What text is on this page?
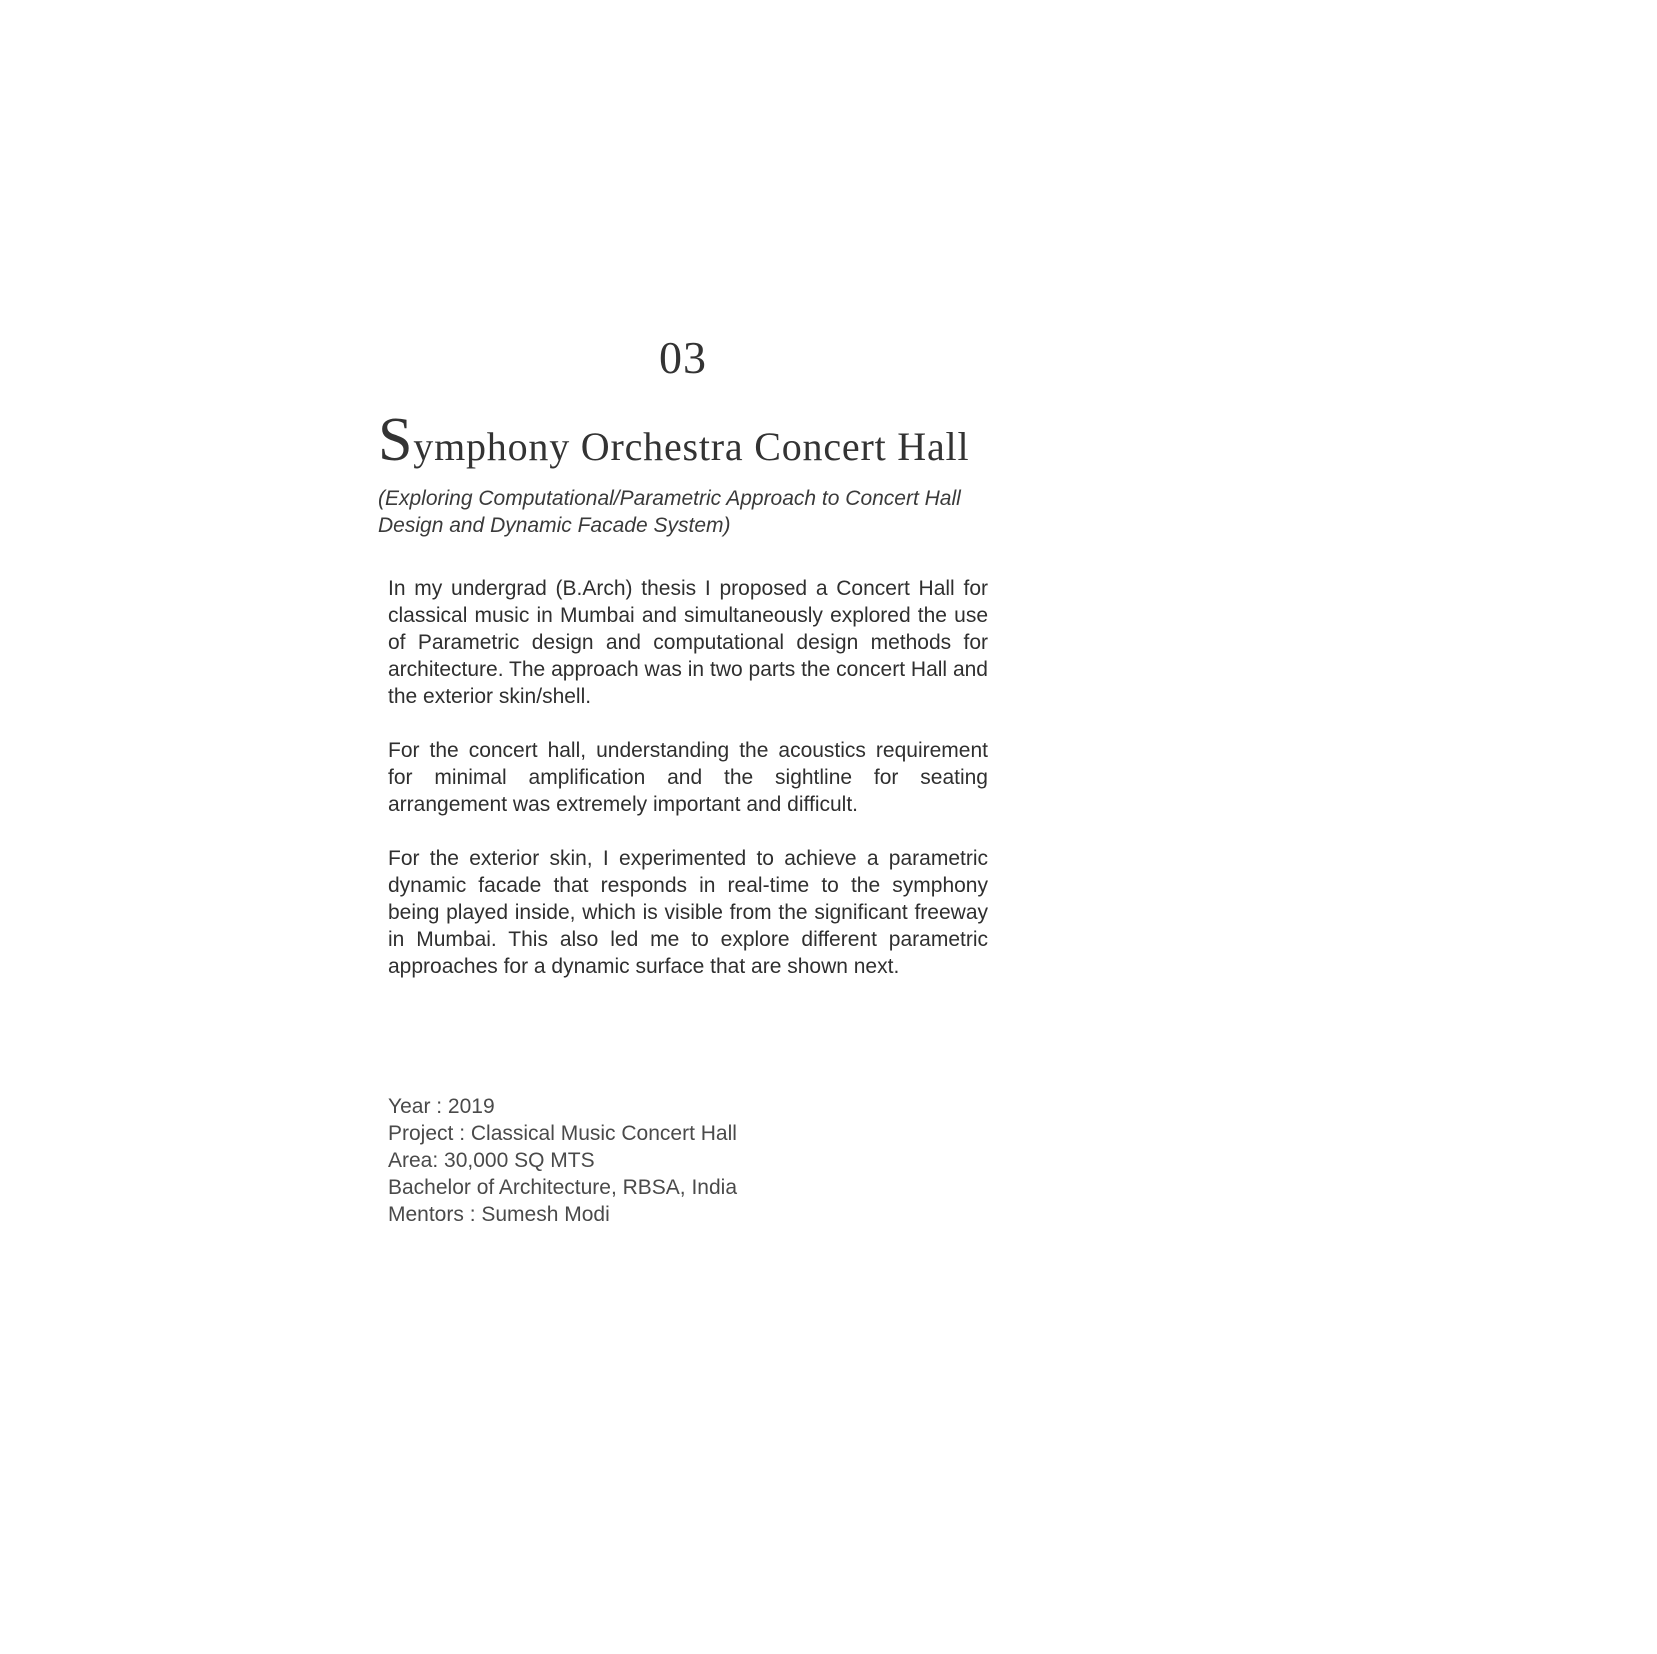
03
Symphony Orchestra Concert Hall
(Exploring Computational/Parametric Approach to Concert Hall Design and Dynamic Facade System)

In my undergrad (B.Arch) thesis I proposed a Concert Hall for classical music in Mumbai and simultaneously explored the use of Parametric design and computational design methods for architecture. The approach was in two parts the concert Hall and the exterior skin/shell.

For the concert hall, understanding the acoustics requirement for minimal amplification and the sightline for seating arrangement was extremely important and difficult.

For the exterior skin, I experimented to achieve a parametric dynamic facade that responds in real-time to the symphony being played inside, which is visible from the significant freeway in Mumbai. This also led me to explore different parametric approaches for a dynamic surface that are shown next.

Year : 2019
Project : Classical Music Concert Hall
Area: 30,000 SQ MTS
Bachelor of Architecture, RBSA, India
Mentors : Sumesh Modi
